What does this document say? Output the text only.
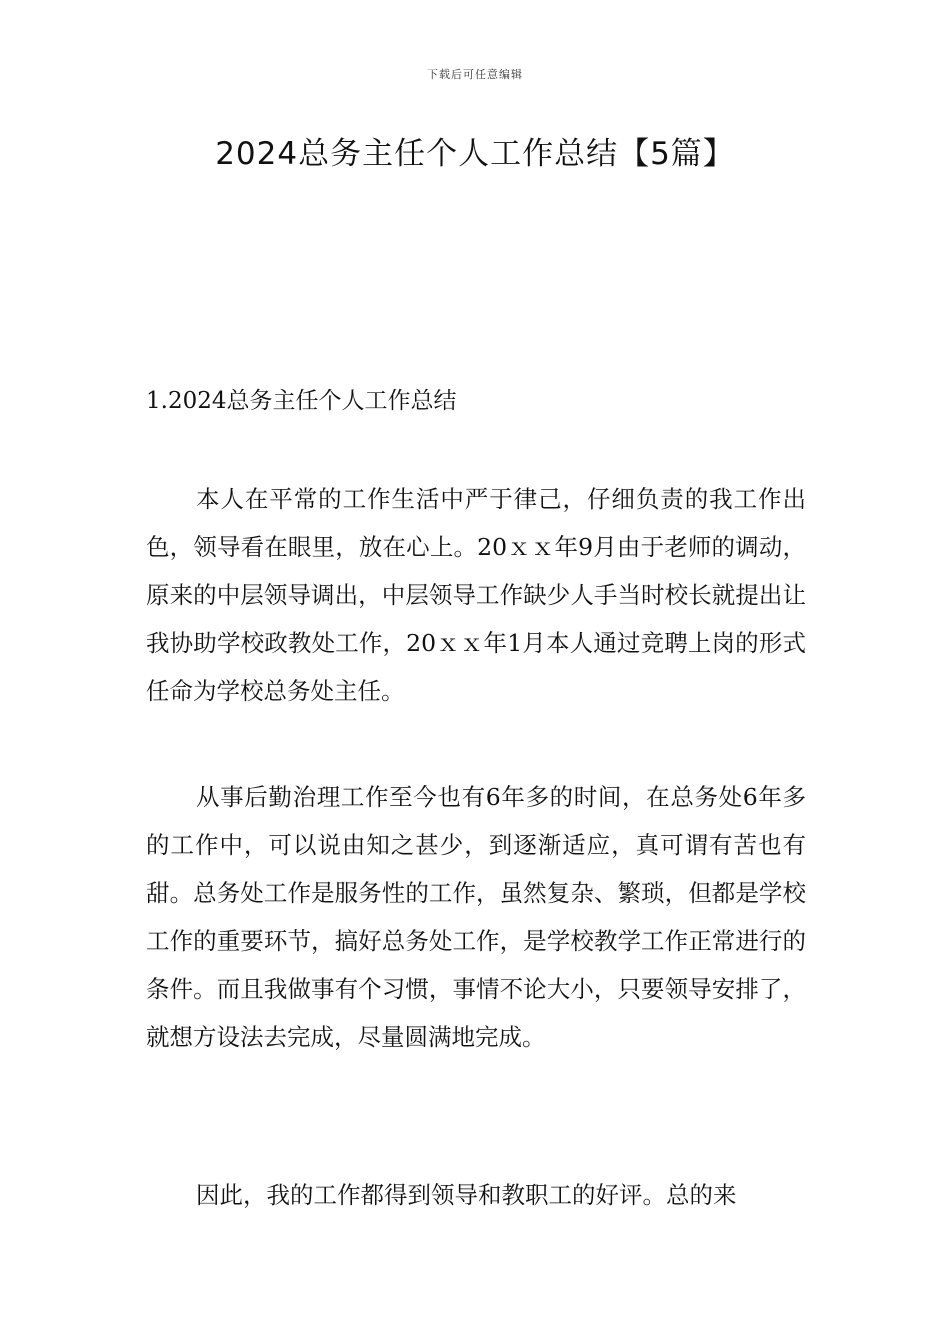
下载后可任意编辑
2024总务主任个人工作总结【5篇】
1.2024总务主任个人工作总结

本人在平常的工作生活中严于律己，仔细负责的我工作出色，领导看在眼里，放在心上。20ｘｘ年9月由于老师的调动，原来的中层领导调出，中层领导工作缺少人手当时校长就提出让我协助学校政教处工作，20ｘｘ年1月本人通过竞聘上岗的形式任命为学校总务处主任。

从事后勤治理工作至今也有6年多的时间，在总务处6年多的工作中，可以说由知之甚少，到逐渐适应，真可谓有苦也有甜。总务处工作是服务性的工作，虽然复杂、繁琐，但都是学校工作的重要环节，搞好总务处工作，是学校教学工作正常进行的条件。而且我做事有个习惯，事情不论大小，只要领导安排了，就想方设法去完成，尽量圆满地完成。

因此，我的工作都得到领导和教职工的好评。总的来
